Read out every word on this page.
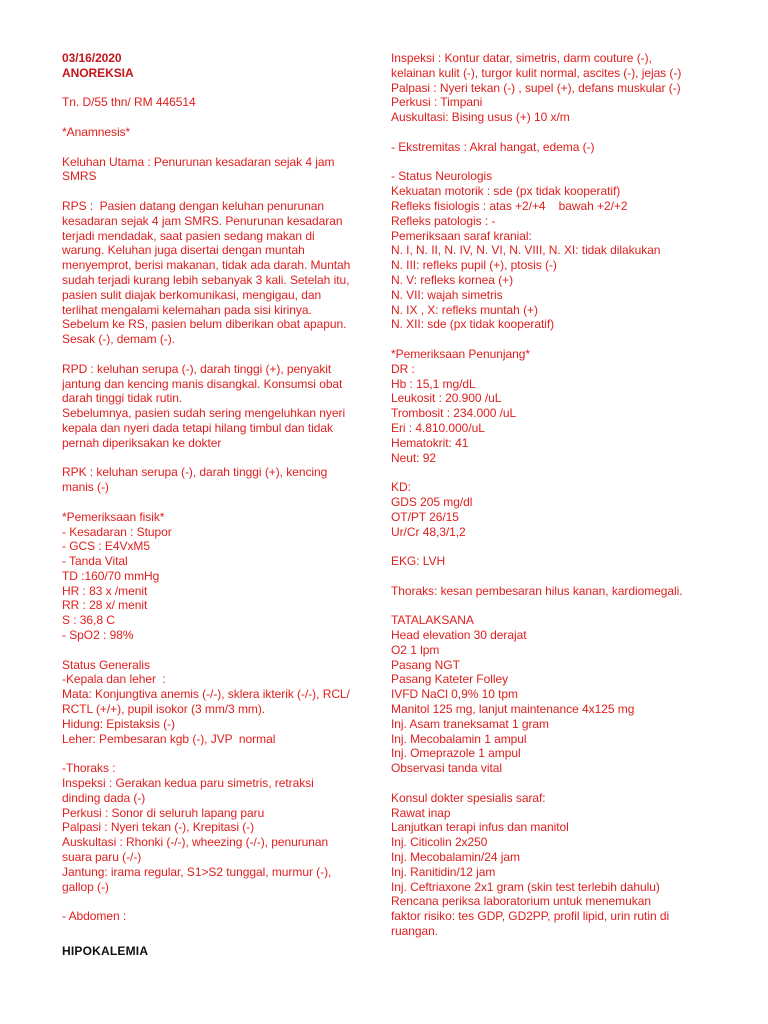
03/16/2020
ANOREKSIA
Tn. D/55 thn/ RM 446514
*Anamnesis*
Keluhan Utama : Penurunan kesadaran sejak 4 jam
SMRS
RPS :  Pasien datang dengan keluhan penurunan
kesadaran sejak 4 jam SMRS. Penurunan kesadaran
terjadi mendadak, saat pasien sedang makan di
warung. Keluhan juga disertai dengan muntah
menyemprot, berisi makanan, tidak ada darah. Muntah
sudah terjadi kurang lebih sebanyak 3 kali. Setelah itu,
pasien sulit diajak berkomunikasi, mengigau, dan
terlihat mengalami kelemahan pada sisi kirinya.
Sebelum ke RS, pasien belum diberikan obat apapun.
Sesak (-), demam (-).
RPD : keluhan serupa (-), darah tinggi (+), penyakit
jantung dan kencing manis disangkal. Konsumsi obat
darah tinggi tidak rutin.
Sebelumnya, pasien sudah sering mengeluhkan nyeri
kepala dan nyeri dada tetapi hilang timbul dan tidak
pernah diperiksakan ke dokter
RPK : keluhan serupa (-), darah tinggi (+), kencing
manis (-)
*Pemeriksaan fisik*
- Kesadaran : Stupor
- GCS : E4VxM5
- Tanda Vital
TD :160/70 mmHg
HR : 83 x /menit
RR : 28 x/ menit
S : 36,8 C
- SpO2 : 98%
Status Generalis
-Kepala dan leher  :
Mata: Konjungtiva anemis (-/-), sklera ikterik (-/-), RCL/
RCTL (+/+), pupil isokor (3 mm/3 mm).
Hidung: Epistaksis (-)
Leher: Pembesaran kgb (-), JVP  normal
-Thoraks :
Inspeksi : Gerakan kedua paru simetris, retraksi
dinding dada (-)
Perkusi : Sonor di seluruh lapang paru
Palpasi : Nyeri tekan (-), Krepitasi (-)
Auskultasi : Rhonki (-/-), wheezing (-/-), penurunan
suara paru (-/-)
Jantung: irama regular, S1>S2 tunggal, murmur (-),
gallop (-)
- Abdomen :
Inspeksi : Kontur datar, simetris, darm couture (-),
kelainan kulit (-), turgor kulit normal, ascites (-), jejas (-)
Palpasi : Nyeri tekan (-) , supel (+), defans muskular (-)
Perkusi : Timpani
Auskultasi: Bising usus (+) 10 x/m
- Ekstremitas : Akral hangat, edema (-)
- Status Neurologis
Kekuatan motorik : sde (px tidak kooperatif)
Refleks fisiologis : atas +2/+4    bawah +2/+2
Refleks patologis : -
Pemeriksaan saraf kranial:
N. I, N. II, N. IV, N. VI, N. VIII, N. XI: tidak dilakukan
N. III: refleks pupil (+), ptosis (-)
N. V: refleks kornea (+)
N. VII: wajah simetris
N. IX , X: refleks muntah (+)
N. XII: sde (px tidak kooperatif)
*Pemeriksaan Penunjang*
DR :
Hb : 15,1 mg/dL
Leukosit : 20.900 /uL
Trombosit : 234.000 /uL
Eri : 4.810.000/uL
Hematokrit: 41
Neut: 92
KD:
GDS 205 mg/dl
OT/PT 26/15
Ur/Cr 48,3/1,2
EKG: LVH
Thoraks: kesan pembesaran hilus kanan, kardiomegali.
TATALAKSANA
Head elevation 30 derajat
O2 1 lpm
Pasang NGT
Pasang Kateter Folley
IVFD NaCl 0,9% 10 tpm
Manitol 125 mg, lanjut maintenance 4x125 mg
Inj. Asam traneksamat 1 gram
Inj. Mecobalamin 1 ampul
Inj. Omeprazole 1 ampul
Observasi tanda vital
Konsul dokter spesialis saraf:
Rawat inap
Lanjutkan terapi infus dan manitol
Inj. Citicolin 2x250
Inj. Mecobalamin/24 jam
Inj. Ranitidin/12 jam
Inj. Ceftriaxone 2x1 gram (skin test terlebih dahulu)
Rencana periksa laboratorium untuk menemukan
faktor risiko: tes GDP, GD2PP, profil lipid, urin rutin di
ruangan.
HIPOKALEMIA
